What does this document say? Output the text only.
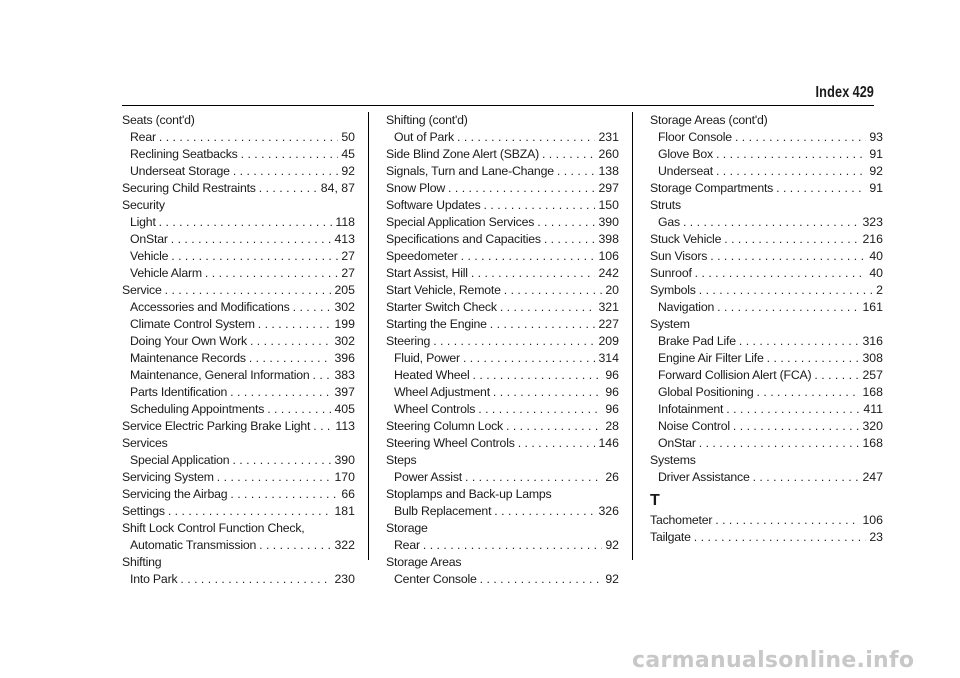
Index 429
Seats (cont'd)
Rear . . .	50
Reclining Seatbacks . . .	45
Underseat Storage . . .	92
Securing Child Restraints . . .	84, 87
Security
Light . . .	118
OnStar . . .	413
Vehicle . . .	27
Vehicle Alarm . . .	27
Service . . .	205
Accessories and Modifications . . .	302
Climate Control System . . .	199
Doing Your Own Work . . .	302
Maintenance Records . . .	396
Maintenance, General Information . . . 383
Parts Identification . . .	397
Scheduling Appointments . . .	405
Service Electric Parking Brake Light . . . 113
Services
Special Application . . .	390
Servicing System . . .	170
Servicing the Airbag . . .	66
Settings . . .	181
Shift Lock Control Function Check,
Automatic Transmission . . .	322
Shifting
Into Park . . .	230
Shifting (cont'd)
Out of Park . . .	231
Side Blind Zone Alert (SBZA) . . .	260
Signals, Turn and Lane-Change . . .	138
Snow Plow . . .	297
Software Updates . . .	150
Special Application Services . . .	390
Specifications and Capacities . . .	398
Speedometer . . .	106
Start Assist, Hill . . .	242
Start Vehicle, Remote . . .	20
Starter Switch Check . . .	321
Starting the Engine . . .	227
Steering . . .	209
Fluid, Power . . .	314
Heated Wheel . . .	96
Wheel Adjustment . . .	96
Wheel Controls . . .	96
Steering Column Lock . . .	28
Steering Wheel Controls . . .	146
Steps
Power Assist . . .	26
Stoplamps and Back-up Lamps
Bulb Replacement . . .	326
Storage
Rear . . .	92
Storage Areas
Center Console . . .	92
Storage Areas (cont'd)
Floor Console . . .	93
Glove Box . . .	91
Underseat . . .	92
Storage Compartments . . .	91
Struts
Gas . . .	323
Stuck Vehicle . . .	216
Sun Visors . . .	40
Sunroof . . .	40
Symbols . . .	2
Navigation . . .	161
System
Brake Pad Life . . .	316
Engine Air Filter Life . . .	308
Forward Collision Alert (FCA) . . .	257
Global Positioning . . .	168
Infotainment . . .	411
Noise Control . . .	320
OnStar . . .	168
Systems
Driver Assistance . . .	247
T
Tachometer . . .	106
Tailgate . . .	23
carmanualsonline.info
